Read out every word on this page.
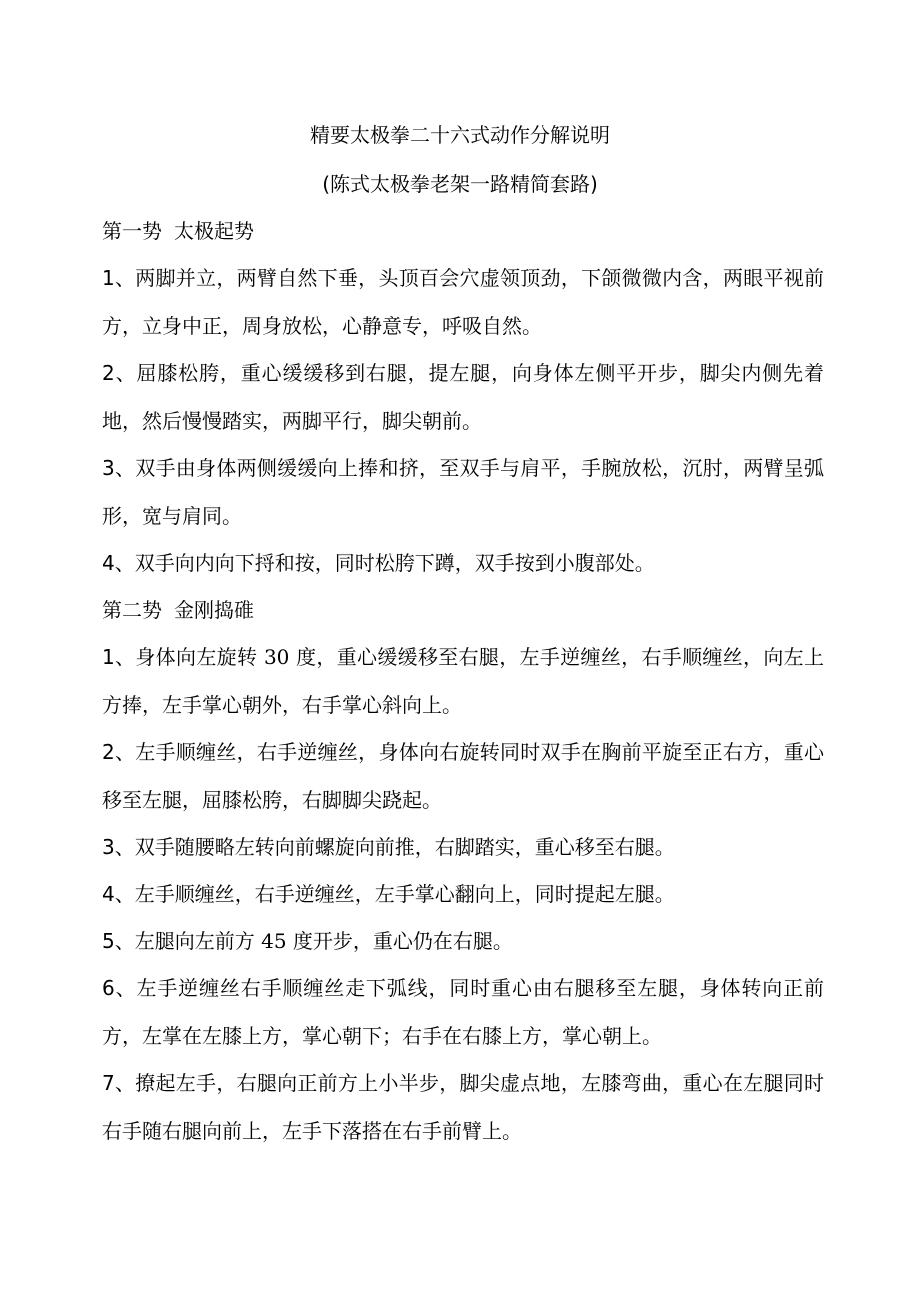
精要太极拳二十六式动作分解说明
(陈式太极拳老架一路精简套路)

第一势 太极起势

1、两脚并立，两臂自然下垂，头顶百会穴虚领顶劲，下颌微微内含，两眼平视前方，立身中正，周身放松，心静意专，呼吸自然。

2、屈膝松胯，重心缓缓移到右腿，提左腿，向身体左侧平开步，脚尖内侧先着地，然后慢慢踏实，两脚平行，脚尖朝前。

3、双手由身体两侧缓缓向上捧和挤，至双手与肩平，手腕放松，沉肘，两臂呈弧形，宽与肩同。

4、双手向内向下捋和按，同时松胯下蹲，双手按到小腹部处。

第二势 金刚捣碓

1、身体向左旋转 30 度，重心缓缓移至右腿，左手逆缠丝，右手顺缠丝，向左上方捧，左手掌心朝外，右手掌心斜向上。

2、左手顺缠丝，右手逆缠丝，身体向右旋转同时双手在胸前平旋至正右方，重心移至左腿，屈膝松胯，右脚脚尖跷起。

3、双手随腰略左转向前螺旋向前推，右脚踏实，重心移至右腿。

4、左手顺缠丝，右手逆缠丝，左手掌心翻向上，同时提起左腿。

5、左腿向左前方 45 度开步，重心仍在右腿。

6、左手逆缠丝右手顺缠丝走下弧线，同时重心由右腿移至左腿，身体转向正前方，左掌在左膝上方，掌心朝下；右手在右膝上方，掌心朝上。

7、撩起左手，右腿向正前方上小半步，脚尖虚点地，左膝弯曲，重心在左腿同时右手随右腿向前上，左手下落搭在右手前臂上。
